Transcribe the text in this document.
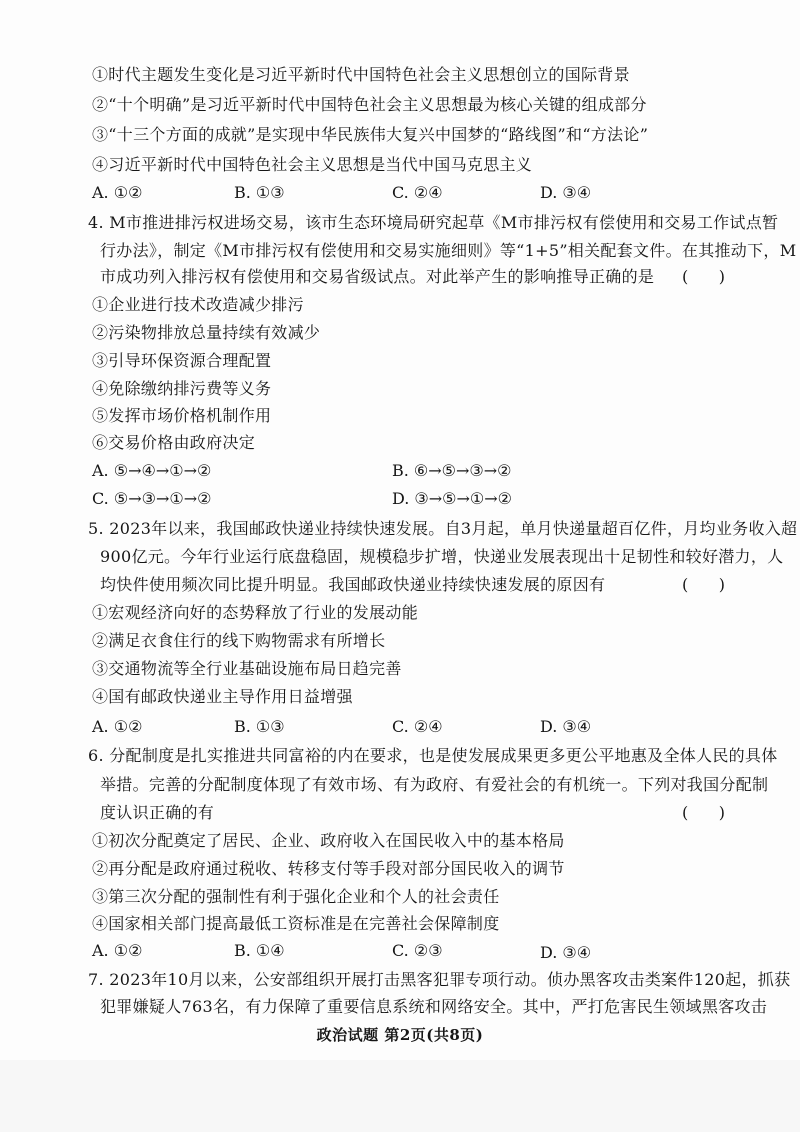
①时代主题发生变化是习近平新时代中国特色社会主义思想创立的国际背景
②“十个明确”是习近平新时代中国特色社会主义思想最为核心关键的组成部分
③“十三个方面的成就”是实现中华民族伟大复兴中国梦的“路线图”和“方法论”
④习近平新时代中国特色社会主义思想是当代中国马克思主义
A. ①②	B. ①③	C. ②④	D. ③④
4. M市推进排污权进场交易，该市生态环境局研究起草《M市排污权有偿使用和交易工作试点暂
行办法》，制定《M市排污权有偿使用和交易实施细则》等“1+5”相关配套文件。在其推动下，M
市成功列入排污权有偿使用和交易省级试点。对此举产生的影响推导正确的是 (      )
①企业进行技术改造减少排污
②污染物排放总量持续有效减少
③引导环保资源合理配置
④免除缴纳排污费等义务
⑤发挥市场价格机制作用
⑥交易价格由政府决定
A. ⑤→④→①→②	B. ⑥→⑤→③→②
C. ⑤→③→①→②	D. ③→⑤→①→②
5. 2023年以来，我国邮政快递业持续快速发展。自3月起，单月快递量超百亿件，月均业务收入超
900亿元。今年行业运行底盘稳固，规模稳步扩增，快递业发展表现出十足韧性和较好潜力，人
均快件使用频次同比提升明显。我国邮政快递业持续快速发展的原因有	(      )
①宏观经济向好的态势释放了行业的发展动能
②满足衣食住行的线下购物需求有所增长
③交通物流等全行业基础设施布局日趋完善
④国有邮政快递业主导作用日益增强
A. ①②	B. ①③	C. ②④	D. ③④
6. 分配制度是扎实推进共同富裕的内在要求，也是使发展成果更多更公平地惠及全体人民的具体
举措。完善的分配制度体现了有效市场、有为政府、有爱社会的有机统一。下列对我国分配制
度认识正确的有	(      )
①初次分配奠定了居民、企业、政府收入在国民收入中的基本格局
②再分配是政府通过税收、转移支付等手段对部分国民收入的调节
③第三次分配的强制性有利于强化企业和个人的社会责任
④国家相关部门提高最低工资标准是在完善社会保障制度
A. ①②	B. ①④	C. ②③	D. ③④
7. 2023年10月以来，公安部组织开展打击黑客犯罪专项行动。侦办黑客攻击类案件120起，抓获
犯罪嫌疑人763名，有力保障了重要信息系统和网络安全。其中，严打危害民生领域黑客攻击
政治试题 第2页(共8页)
